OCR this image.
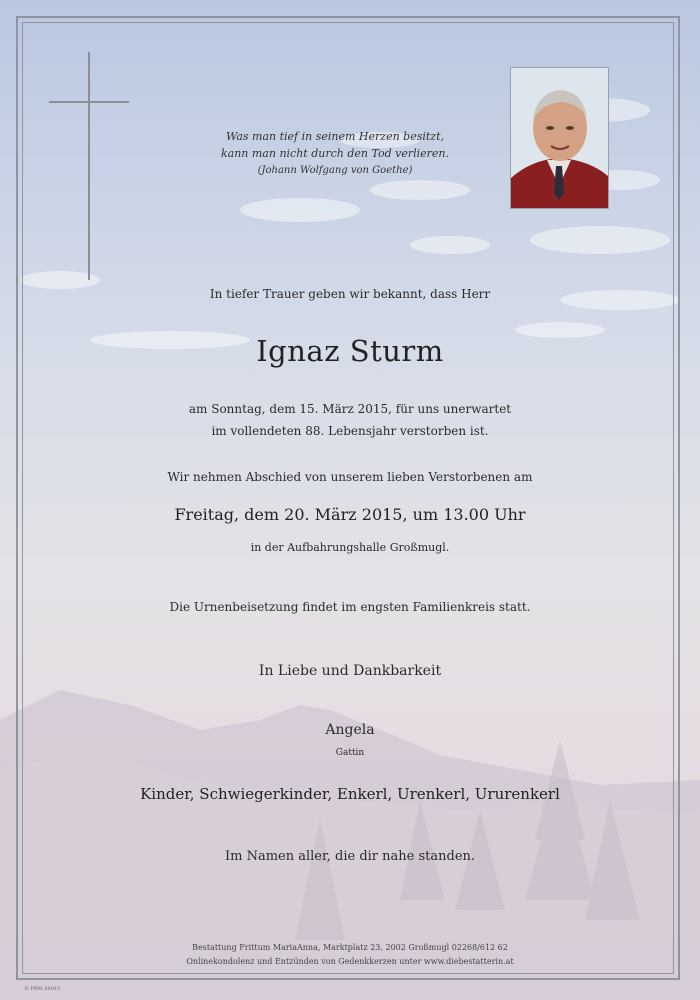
Was man tief in seinem Herzen besitzt,
kann man nicht durch den Tod verlieren.
(Johann Wolfgang von Goethe)
In tiefer Trauer geben wir bekannt, dass Herr
Ignaz Sturm
am Sonntag, dem 15. März 2015, für uns unerwartet
im vollendeten 88. Lebensjahr verstorben ist.
Wir nehmen Abschied von unserem lieben Verstorbenen am
Freitag, dem 20. März 2015, um 13.00 Uhr
in der Aufbahrungshalle Großmugl.
Die Urnenbeisetzung findet im engsten Familienkreis statt.
In Liebe und Dankbarkeit
Angela
Gattin
Kinder, Schwiegerkinder, Enkerl, Urenkerl, Ururenkerl
Im Namen aller, die dir nahe standen.
Bestattung Frittum MariaAnna, Marktplatz 23, 2002 Großmugl 02268/612 62
Onlinekondolenz und Entzünden von Gedenkkerzen unter www.diebestatterin.at
© PBM 89015
